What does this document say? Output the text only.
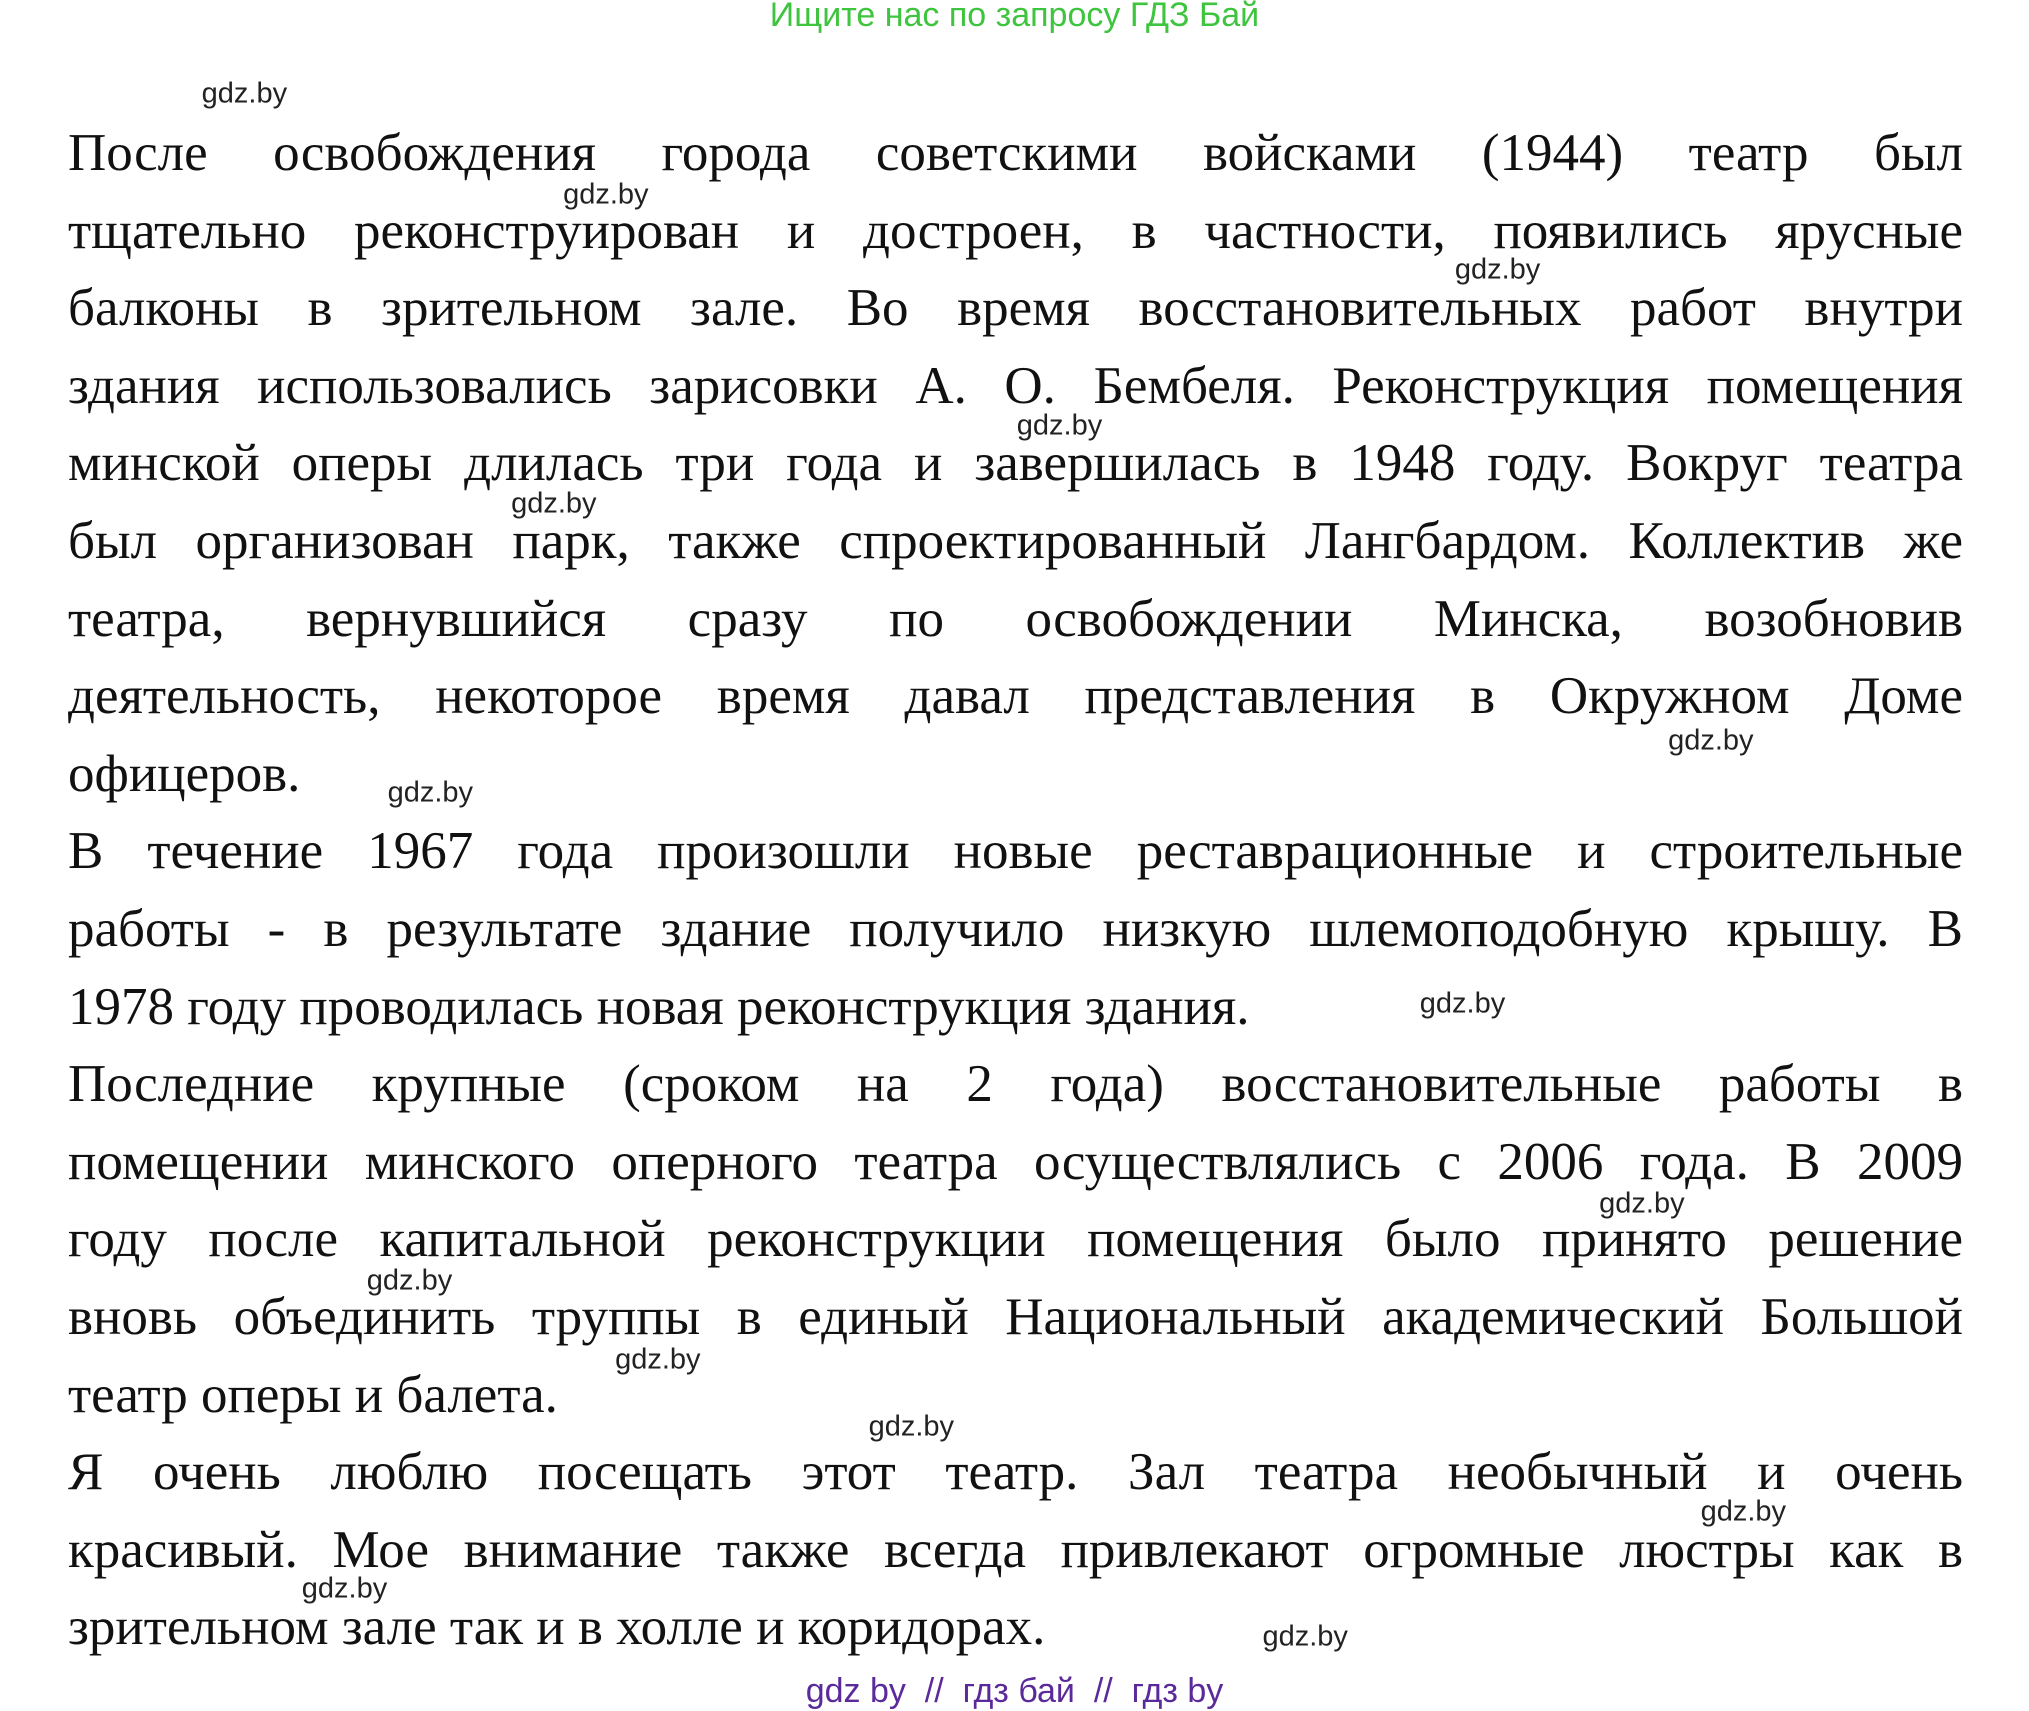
Ищите нас по запросу ГДЗ Бай
После освобождения города советскими войсками (1944) театр был
тщательно реконструирован и достроен, в частности, появились ярусные
балконы в зрительном зале. Во время восстановительных работ внутри
здания использовались зарисовки А. О. Бембеля. Реконструкция помещения
минской оперы длилась три года и завершилась в 1948 году. Вокруг театра
был организован парк, также спроектированный Лангбардом. Коллектив же
театра, вернувшийся сразу по освобождении Минска, возобновив
деятельность, некоторое время давал представления в Окружном Доме
офицеров.
В течение 1967 года произошли новые реставрационные и строительные
работы - в результате здание получило низкую шлемоподобную крышу. В
1978 году проводилась новая реконструкция здания.
Последние крупные (сроком на 2 года) восстановительные работы в
помещении минского оперного театра осуществлялись с 2006 года. В 2009
году после капитальной реконструкции помещения было принято решение
вновь объединить труппы в единый Национальный академический Большой
театр оперы и балета.
Я очень люблю посещать этот театр. Зал театра необычный и очень
красивый. Мое внимание также всегда привлекают огромные люстры как в
зрительном зале так и в холле и коридорах.
gdz.by
gdz.by
gdz.by
gdz.by
gdz.by
gdz.by
gdz.by
gdz.by
gdz.by
gdz.by
gdz.by
gdz.by
gdz.by
gdz.by
gdz.by
gdz by  //  гдз бай  //  гдз by
